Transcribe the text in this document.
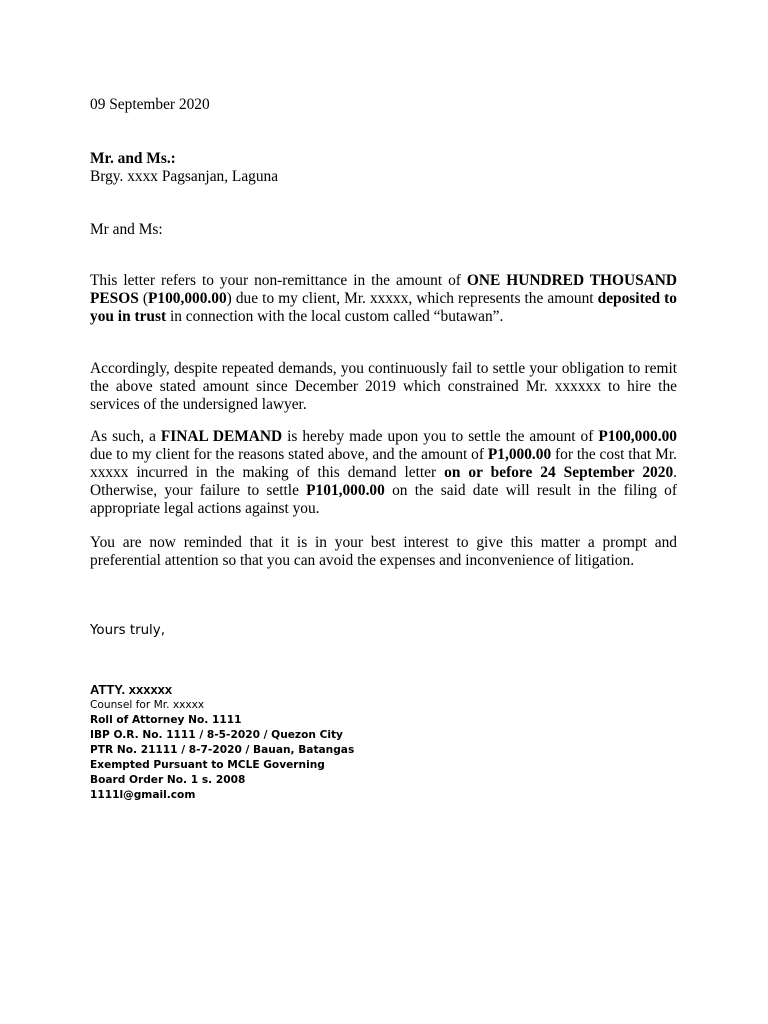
09 September 2020

Mr. and Ms.:
Brgy. xxxx Pagsanjan, Laguna

Mr and Ms:

This letter refers to your non-remittance in the amount of ONE HUNDRED THOUSAND PESOS (P100,000.00) due to my client, Mr. xxxxx, which represents the amount deposited to you in trust in connection with the local custom called “butawan”.

Accordingly, despite repeated demands, you continuously fail to settle your obligation to remit the above stated amount since December 2019 which constrained Mr. xxxxxx to hire the services of the undersigned lawyer.

As such, a FINAL DEMAND is hereby made upon you to settle the amount of P100,000.00 due to my client for the reasons stated above, and the amount of P1,000.00 for the cost that Mr. xxxxx incurred in the making of this demand letter on or before 24 September 2020. Otherwise, your failure to settle P101,000.00 on the said date will result in the filing of appropriate legal actions against you.

You are now reminded that it is in your best interest to give this matter a prompt and preferential attention so that you can avoid the expenses and inconvenience of litigation.

Yours truly,

ATTY. xxxxxx
Counsel for Mr. xxxxx
Roll of Attorney No. 1111
IBP O.R. No. 1111 / 8-5-2020 / Quezon City
PTR No. 21111 / 8-7-2020 / Bauan, Batangas
Exempted Pursuant to MCLE Governing
Board Order No. 1 s. 2008
1111l@gmail.com
